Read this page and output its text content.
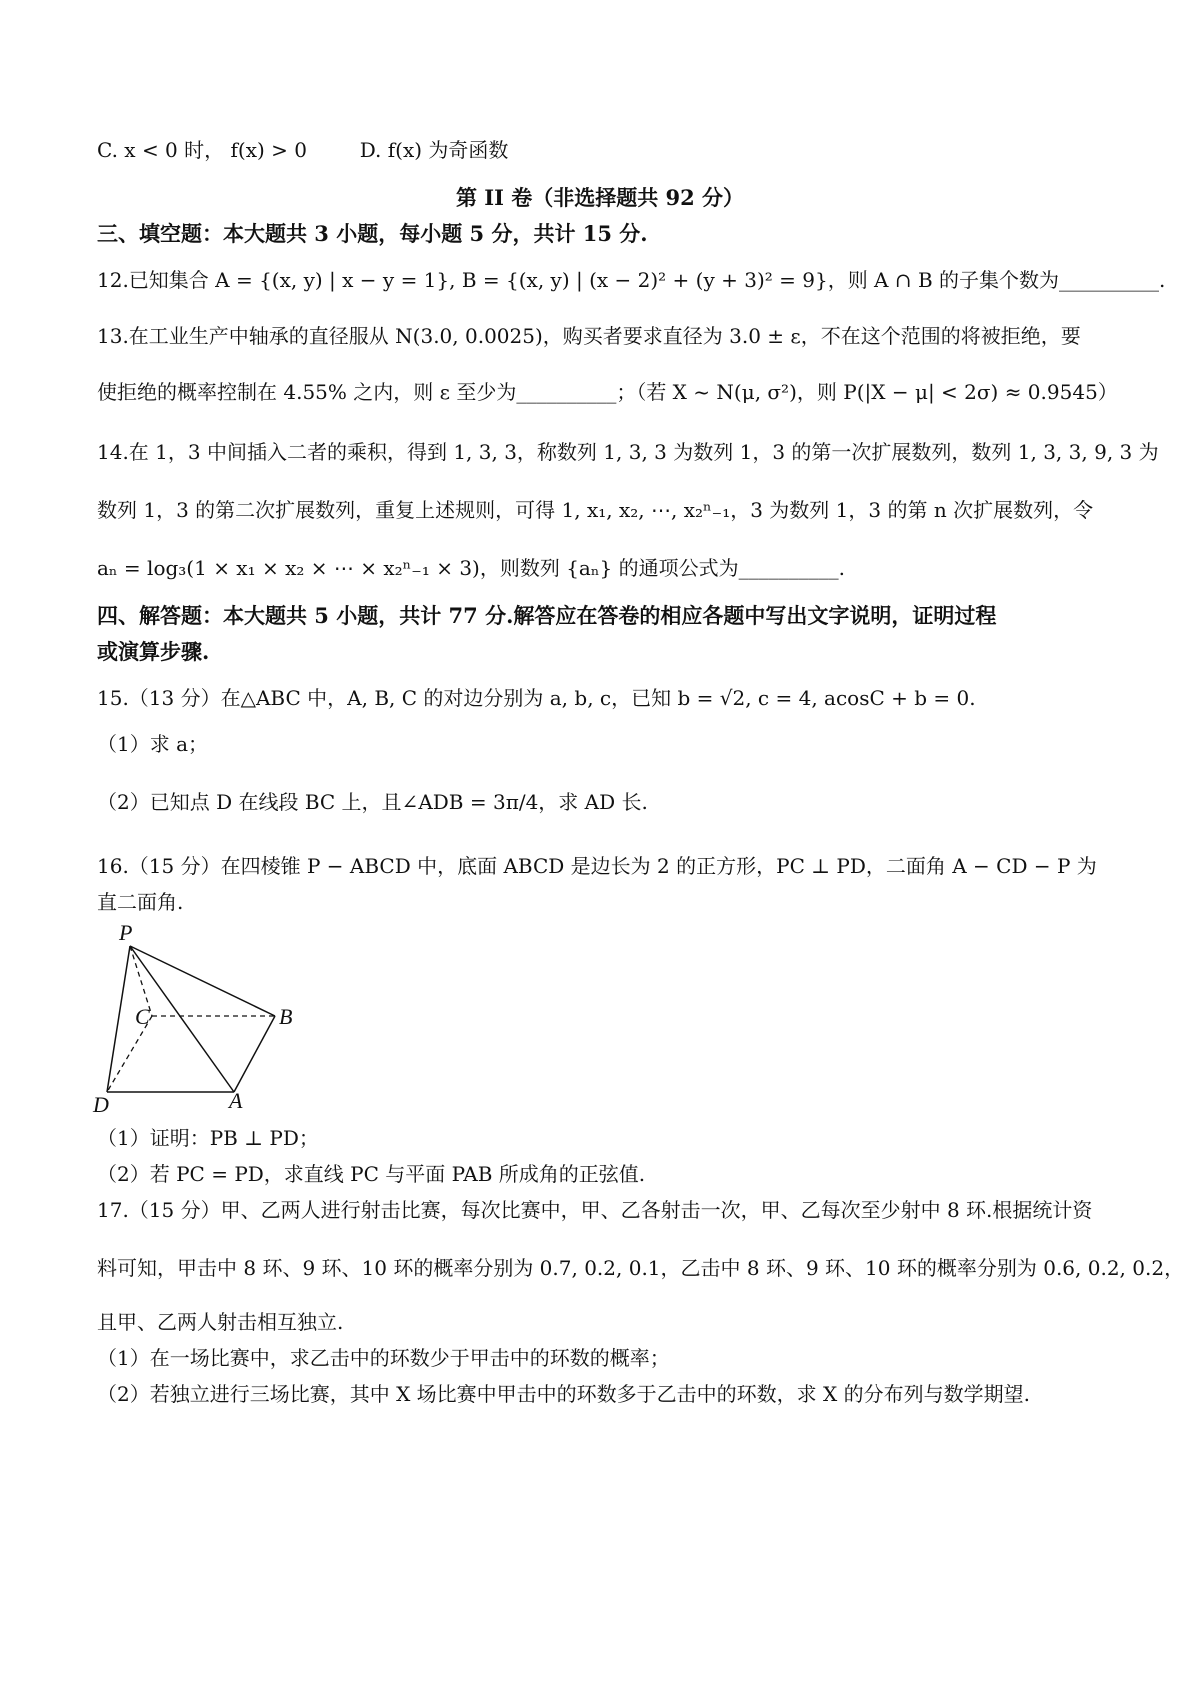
C. x < 0 时， f(x) > 0	D. f(x) 为奇函数
第 II 卷（非选择题共 92 分）
三、填空题：本大题共 3 小题，每小题 5 分，共计 15 分.
12.已知集合 A = {(x, y) | x − y = 1}, B = {(x, y) | (x − 2)² + (y + 3)² = 9}，则 A ∩ B 的子集个数为__________.
13.在工业生产中轴承的直径服从 N(3.0, 0.0025)，购买者要求直径为 3.0 ± ε，不在这个范围的将被拒绝，要
使拒绝的概率控制在 4.55% 之内，则 ε 至少为__________；（若 X ~ N(μ, σ²)，则 P(|X − μ| < 2σ) ≈ 0.9545）
14.在 1，3 中间插入二者的乘积，得到 1, 3, 3，称数列 1, 3, 3 为数列 1，3 的第一次扩展数列，数列 1, 3, 3, 9, 3 为
数列 1，3 的第二次扩展数列，重复上述规则，可得 1, x₁, x₂, ⋯, x₂ⁿ₋₁，3 为数列 1，3 的第 n 次扩展数列，令
aₙ = log₃(1 × x₁ × x₂ × ⋯ × x₂ⁿ₋₁ × 3)，则数列 {aₙ} 的通项公式为__________.
四、解答题：本大题共 5 小题，共计 77 分.解答应在答卷的相应各题中写出文字说明，证明过程
或演算步骤.
15.（13 分）在△ABC 中，A, B, C 的对边分别为 a, b, c，已知 b = √2, c = 4, acosC + b = 0.
（1）求 a；
（2）已知点 D 在线段 BC 上，且∠ADB = 3π/4，求 AD 长.
16.（15 分）在四棱锥 P − ABCD 中，底面 ABCD 是边长为 2 的正方形，PC ⊥ PD，二面角 A − CD − P 为
直二面角.
P
C	B
D	A
（1）证明：PB ⊥ PD；
（2）若 PC = PD，求直线 PC 与平面 PAB 所成角的正弦值.
17.（15 分）甲、乙两人进行射击比赛，每次比赛中，甲、乙各射击一次，甲、乙每次至少射中 8 环.根据统计资
料可知，甲击中 8 环、9 环、10 环的概率分别为 0.7, 0.2, 0.1，乙击中 8 环、9 环、10 环的概率分别为 0.6, 0.2, 0.2，
且甲、乙两人射击相互独立.
（1）在一场比赛中，求乙击中的环数少于甲击中的环数的概率；
（2）若独立进行三场比赛，其中 X 场比赛中甲击中的环数多于乙击中的环数，求 X 的分布列与数学期望.
